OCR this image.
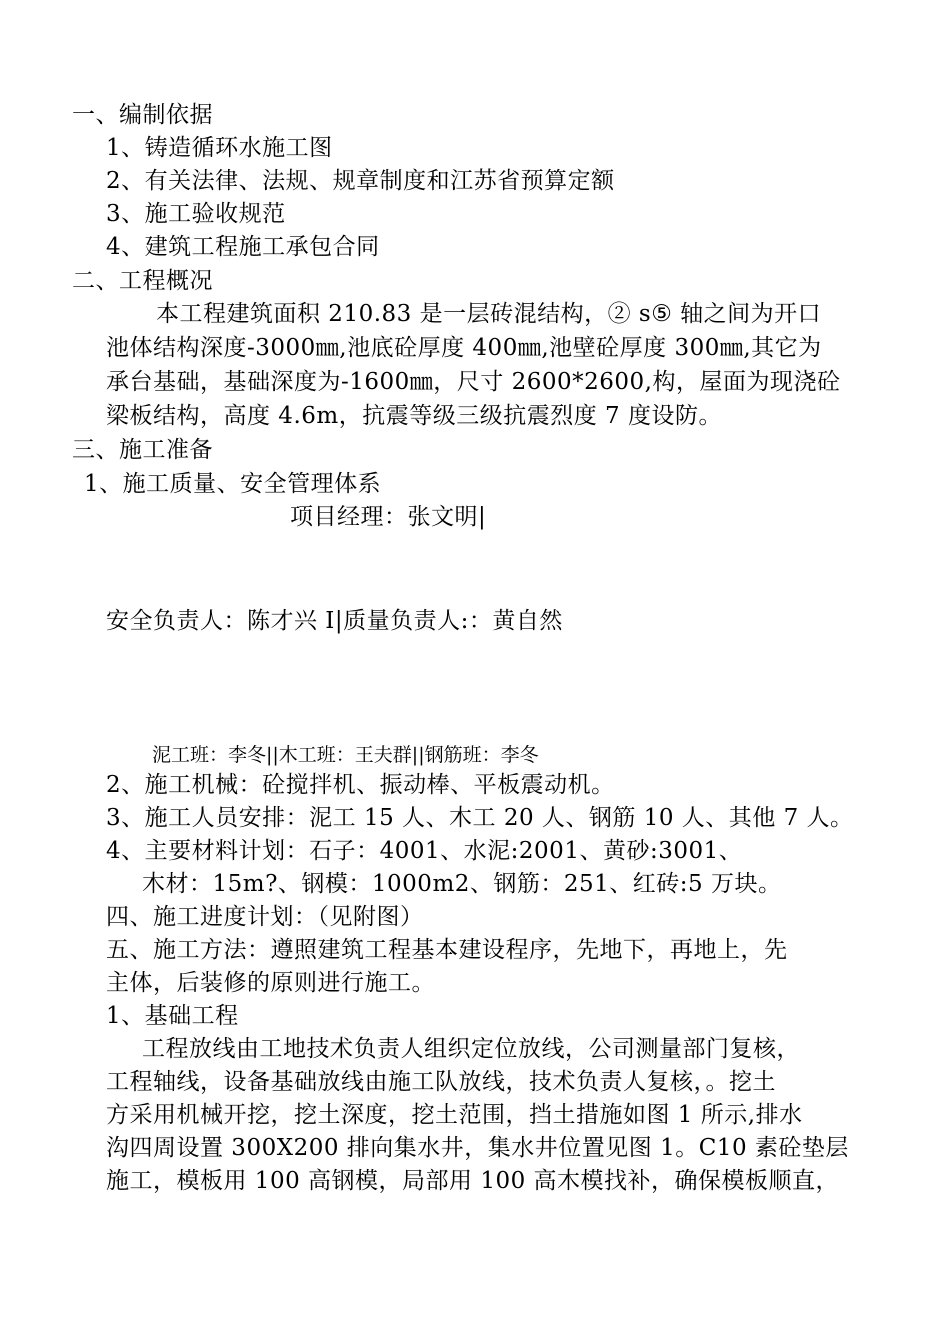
一、编制依据
1、铸造循环水施工图
2、有关法律、法规、规章制度和江苏省预算定额
3、施工验收规范
4、建筑工程施工承包合同
二、工程概况
本工程建筑面积 210.83 是一层砖混结构，② s⑤ 轴之间为开口
池体结构深度-3000㎜,池底砼厚度 400㎜,池壁砼厚度 300㎜,其它为
承台基础，基础深度为-1600㎜，尺寸 2600*2600,构，屋面为现浇砼
梁板结构，高度 4.6m，抗震等级三级抗震烈度 7 度设防。
三、施工准备
1、施工质量、安全管理体系
项目经理：张文明|
安全负责人：陈才兴 I|质量负责人:：黄自然
泥工班：李冬||木工班：王夫群||钢筋班：李冬
2、施工机械：砼搅拌机、振动棒、平板震动机。
3、施工人员安排：泥工 15 人、木工 20 人、钢筋 10 人、其他 7 人。
4、主要材料计划：石子：4001、水泥:2001、黄砂:3001、
木材：15m?、钢模：1000m2、钢筋：251、红砖:5 万块。
四、施工进度计划：（见附图）
五、施工方法：遵照建筑工程基本建设程序，先地下，再地上，先
主体，后装修的原则进行施工。
1、基础工程
工程放线由工地技术负责人组织定位放线，公司测量部门复核，
工程轴线，设备基础放线由施工队放线，技术负责人复核，。挖土
方采用机械开挖，挖土深度，挖土范围，挡土措施如图 1 所示,排水
沟四周设置 300X200 排向集水井，集水井位置见图 1。C10 素砼垫层
施工，模板用 100 高钢模，局部用 100 高木模找补，确保模板顺直，
